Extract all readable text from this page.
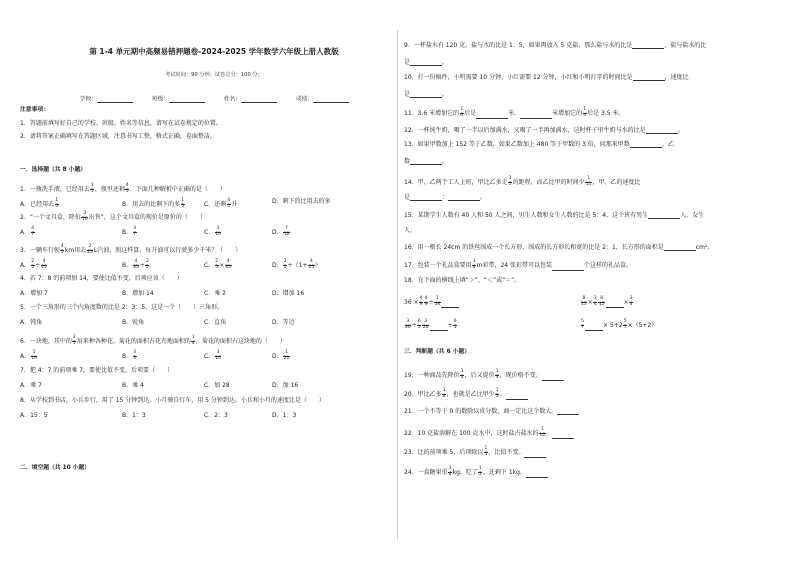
第 1-4 单元期中高频易错押题卷-2024-2025 学年数学六年级上册人教版
考试时间：90 分钟；试卷总分：100 分；
学校：	班级：	姓名：	成绩：
注意事项：
1．答题前填写好自己的学校、班级、姓名等信息，请写在试卷规定的位置。
2．请将答案正确填写在答题区域，注意书写工整，格式正确，卷面整洁。
一．选择题（共 8 小题）
1．一瓶洗手液，已经用去 $\frac{1}{5}$ ，瓶里还剩 $\frac{4}{5}$ ．下面几种解析中正确的是（　　）
A．已经用去 $\frac{1}{5}$	B．用去的比剩下的多 $\frac{1}{5}$	C．还剩 $\frac{4}{5}$ 升	D．剩下的比用去的多
2．“一个文具盒，降价 $\frac{3}{10}$ 出售”，这个文具盒的现价是原价的（　　）
A． $\frac{4}{7}$	B． $\frac{3}{7}$	C． $\frac{3}{10}$	D． $\frac{7}{10}$
3．一辆车行驶 $\frac{4}{5}$ km用去 $\frac{2}{25}$ L汽油，照这样算，每升油可以行驶多少千米？（　　）
A． $\frac{2}{5} \div \frac{4}{25}$	B． $\frac{4}{25} \div \frac{2}{5}$	C． $\frac{2}{5} \times \frac{4}{25}$	D． $\frac{2}{5} \div(1+ \frac{4}{25}$ ）
4．若 7：8 的前项加 14，要使比值不变，后项应该（　　）
A．增加 7	B．增加 14	C．乘 2	D．增加 16
5．一个三角形的三个内角度数的比是 2：3：5，这是一个（　　）三角形。
A．钝角	B．锐角	C．直角	D．等边
6．一块地，其中的 $\frac{2}{5}$ 用来种各种花，菊花的面积占花卉地面积的 $\frac{1}{4}$ ，菊花的面积占这块地的（　　）
A． $\frac{1}{10}$	B． $\frac{3}{5}$	C． $\frac{3}{10}$	D． $\frac{1}{20}$
7．把 4：7 的前项乘 7，要使比值不变，后项要（　　）
A．乘 7	B．乘 4	C．加 28	D．加 16
8．从学校到书店，小兵步行，用了 15 分钟到达，小月骑自行车，用 5 分钟到达。小兵和小月的速度比是（　　）
A．15：5	B．1：3	C．2：3	D．1：3
二．填空题（共 10 小题）
9．一杯盐水有 120 克，盐与水的比是 1：5，如果再放入 5 克盐，那么盐与水的比是	，盐与盐水的比
是	。
10．打一份稿件，小明需要 10 分钟，小红需要 12 分钟，小红和小明打字的时间比是	，速度比
是	。
11．3.6 米增加它的 $\frac{1}{6}$ 后是	米，	米增加它的 $\frac{1}{4}$ 后是 3.5 米。
12．一杯纯牛奶，喝了一半以后加满水，又喝了一半再加满水，这时杯子里牛奶与水的比是	。
13．如果甲数加上 152 等于乙数，如果乙数加上 480 等于甲数的 3 倍，问那来甲数	，乙
数	。
14．甲、乙两个工人上班，甲比乙多走 $\frac{1}{5}$ 的距程，而乙比甲的时间少 $\frac{1}{11}$ ，甲、乙的速度比
是	：	。
15．某期学生人数有 40 人和 50 人之间，男生人数和女生人数的比是 5：4，这个班有男生	人，女生
人。
16．用一根长 24cm 的铁丝围成一个长方形，围成的长方形长和宽的比是 2：1，长方形的面积是	cm²。
17．包装一个礼品盒要用 $\frac{3}{4}$ m彩带，24 张彩带可以包装	个这样的礼品盒。
18．在下面的横线上填“＞”、“＜”或“＝”。
$36 \times \frac{4}{9} \frac{4}{9} \div \frac{1}{36}$	$\frac{8}{15} \times \frac{3}{4} \frac{8}{15}$	× $\frac{3}{4}$
$\frac{3}{20} \div \frac{6}{5} \frac{3}{20}$	÷ $\frac{6}{5}$	$\frac{5}{7}$	× $5+2 \frac{5}{7} \times(5+2)$
三．判断题（共 6 小题）
19．一种商品先降价 $\frac{1}{3}$ ，后又提价 $\frac{1}{3}$ ，现价格不变。
20．甲比乙多 $\frac{1}{4}$ ，也就是乙比甲少 $\frac{1}{5}$ 。
21．一个不等于 0 的数除以真分数，商一定比这个数大。
22．10 克盐溶解在 100 克水中，这时盐占盐水的 $\frac{1}{10}$ 。
23．比的前项乘 5，后项除以 $\frac{1}{5}$ ，比值不变。
24．一盒糖果重 $\frac{3}{4}$ kg，吃了 $\frac{1}{2}$ ，还剩下 1kg。
